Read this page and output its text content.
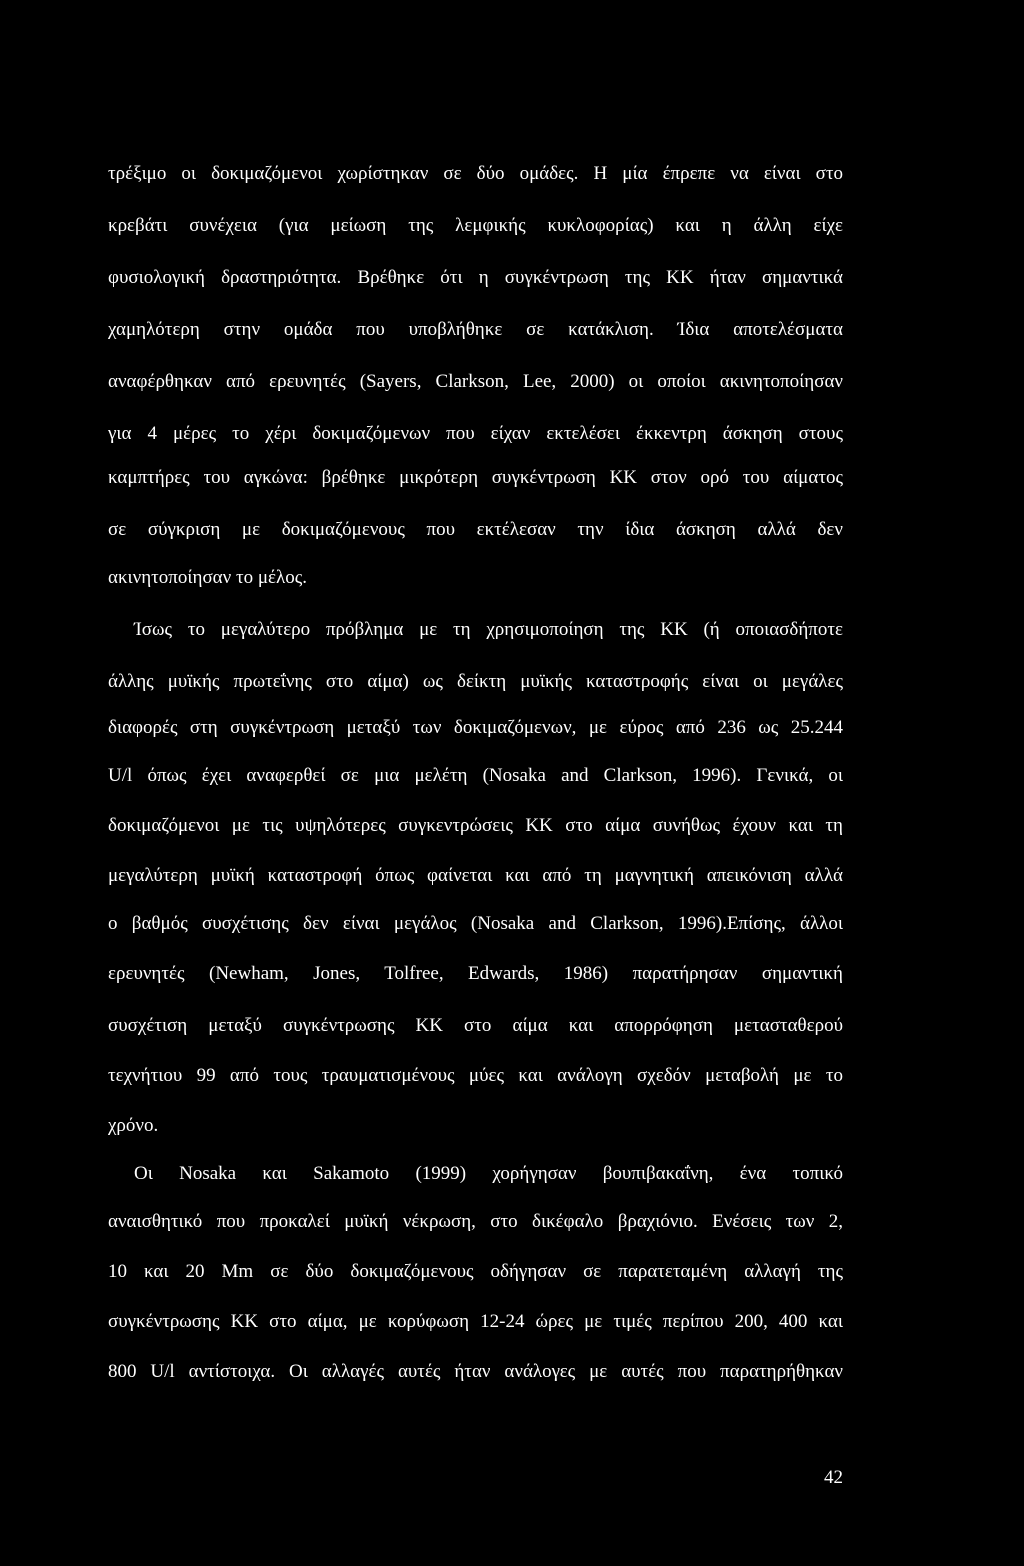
τρέξιμο οι δοκιμαζόμενοι χωρίστηκαν σε δύο ομάδες. Η μία έπρεπε να είναι στο
κρεβάτι συνέχεια (για μείωση της λεμφικής κυκλοφορίας) και η άλλη είχε
φυσιολογική δραστηριότητα. Βρέθηκε ότι η συγκέντρωση της ΚΚ ήταν σημαντικά
χαμηλότερη στην ομάδα που υποβλήθηκε σε κατάκλιση. Ίδια αποτελέσματα
αναφέρθηκαν από ερευνητές (Sayers, Clarkson, Lee, 2000) οι οποίοι ακινητοποίησαν
για 4 μέρες το χέρι δοκιμαζόμενων που είχαν εκτελέσει έκκεντρη άσκηση στους
καμπτήρες του αγκώνα: βρέθηκε μικρότερη συγκέντρωση ΚΚ στον ορό του αίματος
σε σύγκριση με δοκιμαζόμενους που εκτέλεσαν την ίδια άσκηση αλλά δεν
ακινητοποίησαν το μέλος.
Ίσως το μεγαλύτερο πρόβλημα με τη χρησιμοποίηση της ΚΚ (ή οποιασδήποτε
άλλης μυϊκής πρωτεΐνης στο αίμα) ως δείκτη μυϊκής καταστροφής είναι οι μεγάλες
διαφορές στη συγκέντρωση μεταξύ των δοκιμαζόμενων, με εύρος από 236 ως 25.244
U/l όπως έχει αναφερθεί σε μια μελέτη (Nosaka and Clarkson, 1996). Γενικά, οι
δοκιμαζόμενοι με τις υψηλότερες συγκεντρώσεις ΚΚ στο αίμα συνήθως έχουν και τη
μεγαλύτερη μυϊκή καταστροφή όπως φαίνεται και από τη μαγνητική απεικόνιση αλλά
ο βαθμός συσχέτισης δεν είναι μεγάλος (Nosaka and Clarkson, 1996).Επίσης, άλλοι
ερευνητές (Newham, Jones, Tolfree, Edwards, 1986) παρατήρησαν σημαντική
συσχέτιση μεταξύ συγκέντρωσης ΚΚ στο αίμα και απορρόφηση μετασταθερού
τεχνήτιου 99 από τους τραυματισμένους μύες και ανάλογη σχεδόν μεταβολή με το
χρόνο.
Οι Nosaka και Sakamoto (1999) χορήγησαν βουπιβακαΐνη, ένα τοπικό
αναισθητικό που προκαλεί μυϊκή νέκρωση, στο δικέφαλο βραχιόνιο. Ενέσεις των 2,
10 και 20 Mm σε δύο δοκιμαζόμενους οδήγησαν σε παρατεταμένη αλλαγή της
συγκέντρωσης ΚΚ στο αίμα, με κορύφωση 12-24 ώρες με τιμές περίπου 200, 400 και
800 U/l αντίστοιχα. Οι αλλαγές αυτές ήταν ανάλογες με αυτές που παρατηρήθηκαν
42
